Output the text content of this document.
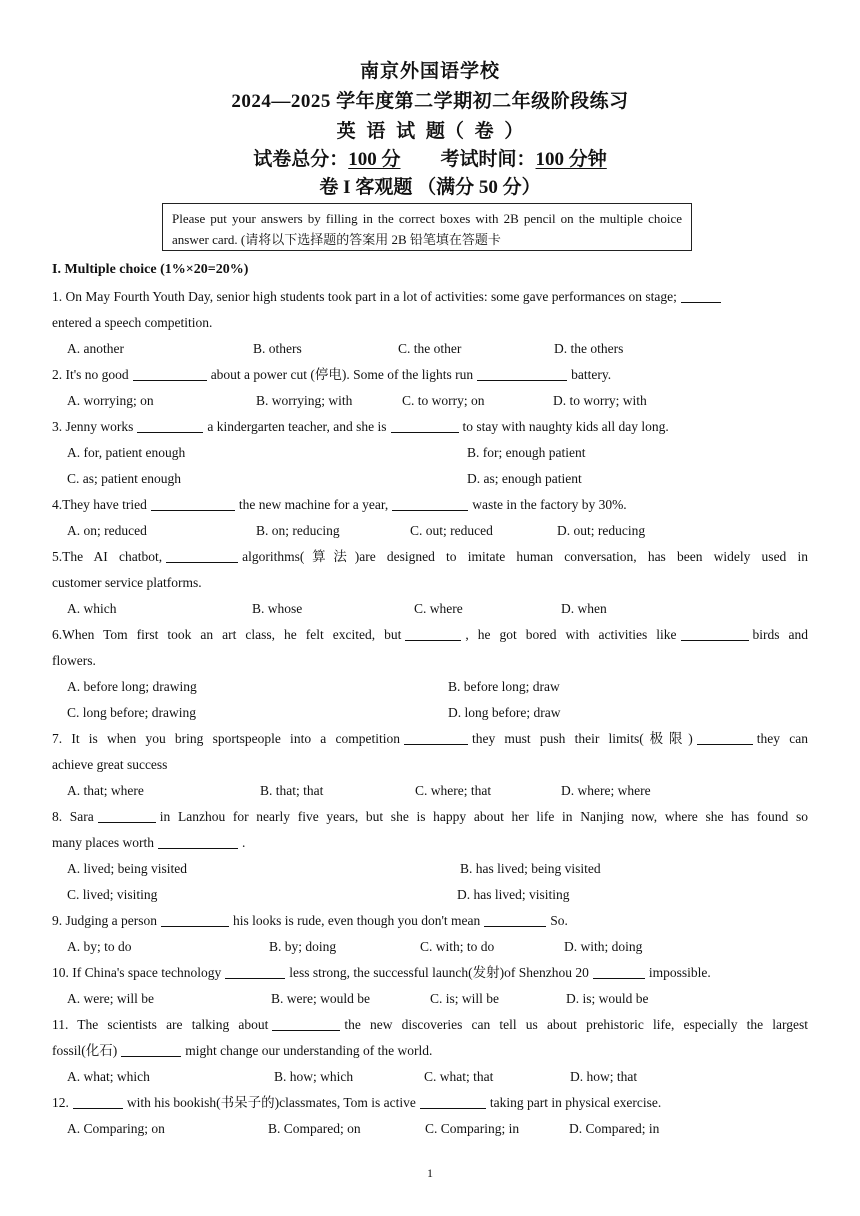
南京外国语学校
2024—2025 学年度第二学期初二年级阶段练习
英 语 试 题（ 卷 ）
试卷总分：100 分 考试时间：100 分钟
卷 I 客观题 （满分 50 分）
Please put your answers by filling in the correct boxes with 2B pencil on the multiple choice answer card. (请将以下选择题的答案用 2B 铅笔填在答题卡
I. Multiple choice (1%×20=20%)
1. On May Fourth Youth Day, senior high students took part in a lot of activities: some gave performances on stage;
entered a speech competition.
A. another	B. others	C. the other	D. the others
2. It's no good	about a power cut (停电). Some of the lights run	battery.
A. worrying; on	B. worrying; with	C. to worry; on	D. to worry; with
3. Jenny works	a kindergarten teacher, and she is	to stay with naughty kids all day long.
A. for, patient enough	B. for; enough patient
C. as; patient enough	D. as; enough patient
4.They have tried	the new machine for a year,	waste in the factory by 30%.
A. on; reduced	B. on; reducing	C. out; reduced	D. out; reducing
5.The AI chatbot,	algorithms(算法)are designed to imitate human conversation, has been widely used in
customer service platforms.
A. which	B. whose	C. where	D. when
6.When Tom first took an art class, he felt excited, but	, he got bored with activities like	birds and
flowers.
A. before long; drawing	B. before long; draw
C. long before; drawing	D. long before; draw
7. It is when you bring sportspeople into a competition	they must push their limits(极限)	they can
achieve great success
A. that; where	B. that; that	C. where; that	D. where; where
8. Sara	in Lanzhou for nearly five years, but she is happy about her life in Nanjing now, where she has found so
many places worth	.
A. lived; being visited	B. has lived; being visited
C. lived; visiting	D. has lived; visiting
9. Judging a person	his looks is rude, even though you don't mean	So.
A. by; to do	B. by; doing	C. with; to do	D. with; doing
10. If China's space technology	less strong, the successful launch(发射)of Shenzhou 20	impossible.
A. were; will be	B. were; would be	C. is; will be	D. is; would be
11. The scientists are talking about	the new discoveries can tell us about prehistoric life, especially the largest
fossil(化石)	might change our understanding of the world.
A. what; which	B. how; which	C. what; that	D. how; that
12.	with his bookish(书呆子的)classmates, Tom is active	taking part in physical exercise.
A. Comparing; on	B. Compared; on	C. Comparing; in	D. Compared; in
1
